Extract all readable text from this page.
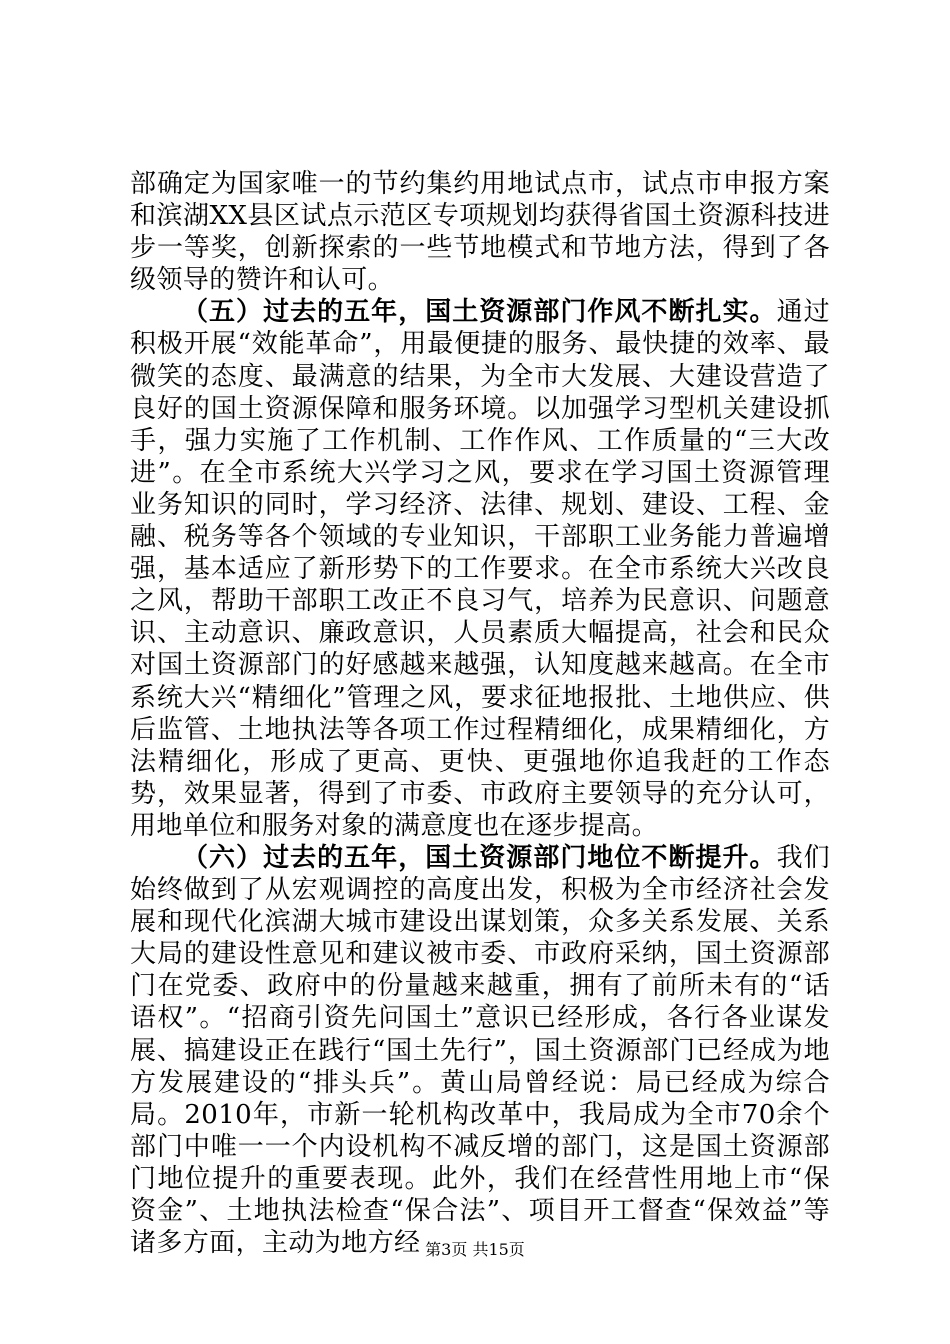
部确定为国家唯一的节约集约用地试点市，试点市申报方案和滨湖XX县区试点示范区专项规划均获得省国土资源科技进步一等奖，创新探索的一些节地模式和节地方法，得到了各级领导的赞许和认可。

（五）过去的五年，国土资源部门作风不断扎实。通过积极开展“效能革命”，用最便捷的服务、最快捷的效率、最微笑的态度、最满意的结果，为全市大发展、大建设营造了良好的国土资源保障和服务环境。以加强学习型机关建设抓手，强力实施了工作机制、工作作风、工作质量的“三大改进”。在全市系统大兴学习之风，要求在学习国土资源管理业务知识的同时，学习经济、法律、规划、建设、工程、金融、税务等各个领域的专业知识，干部职工业务能力普遍增强，基本适应了新形势下的工作要求。在全市系统大兴改良之风，帮助干部职工改正不良习气，培养为民意识、问题意识、主动意识、廉政意识，人员素质大幅提高，社会和民众对国土资源部门的好感越来越强，认知度越来越高。在全市系统大兴“精细化”管理之风，要求征地报批、土地供应、供后监管、土地执法等各项工作过程精细化，成果精细化，方法精细化，形成了更高、更快、更强地你追我赶的工作态势，效果显著，得到了市委、市政府主要领导的充分认可，用地单位和服务对象的满意度也在逐步提高。

（六）过去的五年，国土资源部门地位不断提升。我们始终做到了从宏观调控的高度出发，积极为全市经济社会发展和现代化滨湖大城市建设出谋划策，众多关系发展、关系大局的建设性意见和建议被市委、市政府采纳，国土资源部门在党委、政府中的份量越来越重，拥有了前所未有的“话语权”。“招商引资先问国土”意识已经形成，各行各业谋发展、搞建设正在践行“国土先行”，国土资源部门已经成为地方发展建设的“排头兵”。黄山局曾经说：局已经成为综合局。2010年，市新一轮机构改革中，我局成为全市70余个部门中唯一一个内设机构不减反增的部门，这是国土资源部门地位提升的重要表现。此外，我们在经营性用地上市“保资金”、土地执法检查“保合法”、项目开工督查“保效益”等诸多方面，主动为地方经 第3页 共15页
